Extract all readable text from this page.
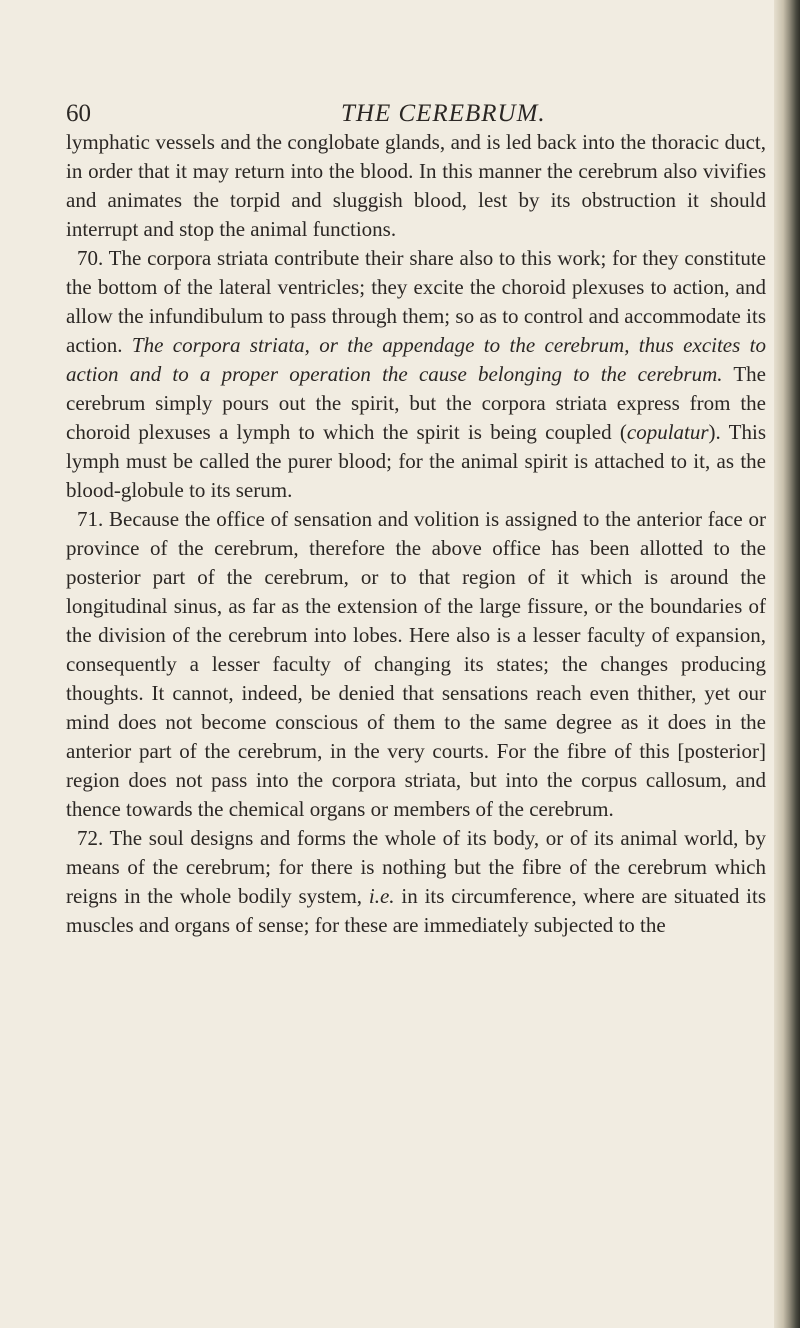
60	THE CEREBRUM.

lymphatic vessels and the conglobate glands, and is led back into the thoracic duct, in order that it may return into the blood. In this manner the cerebrum also vivifies and animates the torpid and sluggish blood, lest by its obstruction it should interrupt and stop the animal functions.

70. The corpora striata contribute their share also to this work; for they constitute the bottom of the lateral ventricles; they excite the choroid plexuses to action, and allow the infundibulum to pass through them; so as to control and accommodate its action. The corpora striata, or the appendage to the cerebrum, thus excites to action and to a proper operation the cause belonging to the cerebrum. The cerebrum simply pours out the spirit, but the corpora striata express from the choroid plexuses a lymph to which the spirit is being coupled (copulatur). This lymph must be called the purer blood; for the animal spirit is attached to it, as the blood-globule to its serum.

71. Because the office of sensation and volition is assigned to the anterior face or province of the cerebrum, therefore the above office has been allotted to the posterior part of the cerebrum, or to that region of it which is around the longitudinal sinus, as far as the extension of the large fissure, or the boundaries of the division of the cerebrum into lobes. Here also is a lesser faculty of expansion, consequently a lesser faculty of changing its states; the changes producing thoughts. It cannot, indeed, be denied that sensations reach even thither, yet our mind does not become conscious of them to the same degree as it does in the anterior part of the cerebrum, in the very courts. For the fibre of this [posterior] region does not pass into the corpora striata, but into the corpus callosum, and thence towards the chemical organs or members of the cerebrum.

72. The soul designs and forms the whole of its body, or of its animal world, by means of the cerebrum; for there is nothing but the fibre of the cerebrum which reigns in the whole bodily system, i.e. in its circumference, where are situated its muscles and organs of sense; for these are immediately subjected to the
